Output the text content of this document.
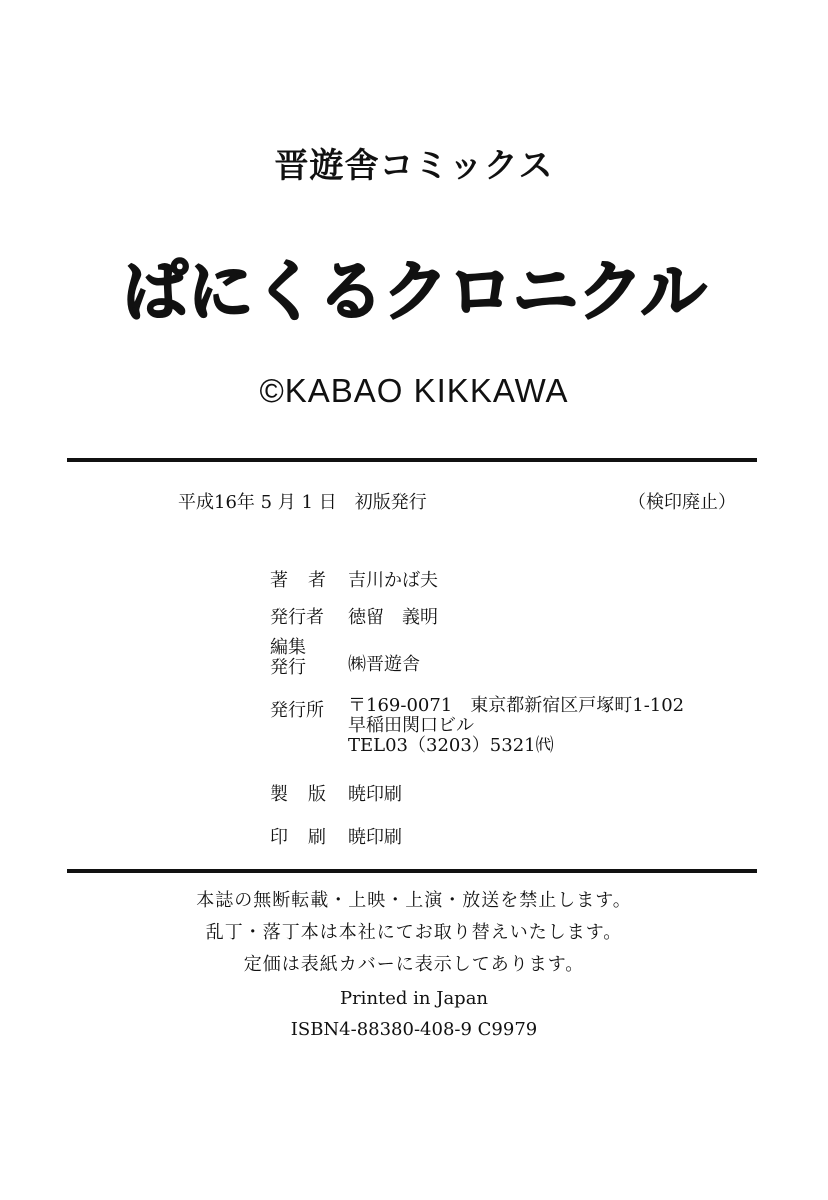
晋遊舎コミックス
ぱにくるクロニクル
©KABAO KIKKAWA
平成16年 5 月 1 日　初版発行	（検印廃止）
著 者 吉川かば夫
発行者 徳留　義明
編集
発行 ㈱晋遊舎
発行所 〒169-0071　東京都新宿区戸塚町1-102
早稲田関口ビル
TEL03（3203）5321㈹
製 版 暁印刷
印 刷 暁印刷
本誌の無断転載・上映・上演・放送を禁止します。
乱丁・落丁本は本社にてお取り替えいたします。
定価は表紙カバーに表示してあります。
Printed in Japan
ISBN4-88380-408-9 C9979
